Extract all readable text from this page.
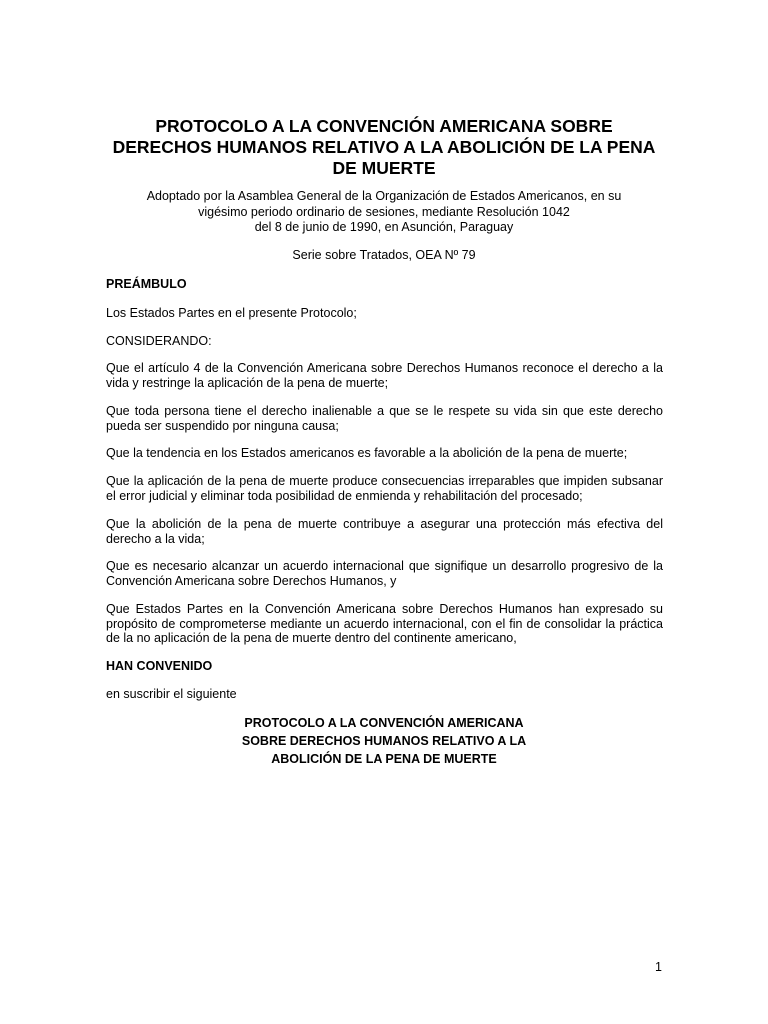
PROTOCOLO A LA CONVENCIÓN AMERICANA SOBRE
DERECHOS HUMANOS RELATIVO A LA ABOLICIÓN DE LA PENA
DE MUERTE

Adoptado por la Asamblea General de la Organización de Estados Americanos, en su
vigésimo periodo ordinario de sesiones, mediante Resolución 1042
del 8 de junio de 1990, en Asunción, Paraguay

Serie sobre Tratados, OEA Nº 79

PREÁMBULO

Los Estados Partes en el presente Protocolo;

CONSIDERANDO:

Que el artículo 4 de la Convención Americana sobre Derechos Humanos reconoce el derecho a la
vida y restringe la aplicación de la pena de muerte;

Que toda persona tiene el derecho inalienable a que se le respete su vida sin que este derecho
pueda ser suspendido por ninguna causa;

Que la tendencia en los Estados americanos es favorable a la abolición de la pena de muerte;

Que la aplicación de la pena de muerte produce consecuencias irreparables que impiden subsanar
el error judicial y eliminar toda posibilidad de enmienda y rehabilitación del procesado;

Que la abolición de la pena de muerte contribuye a asegurar una protección más efectiva del
derecho a la vida;

Que es necesario alcanzar un acuerdo internacional que signifique un desarrollo progresivo de la
Convención Americana sobre Derechos Humanos, y

Que Estados Partes en la Convención Americana sobre Derechos Humanos han expresado su
propósito de comprometerse mediante un acuerdo internacional, con el fin de consolidar la práctica
de la no aplicación de la pena de muerte dentro del continente americano,

HAN CONVENIDO

en suscribir el siguiente

PROTOCOLO A LA CONVENCIÓN AMERICANA
SOBRE DERECHOS HUMANOS RELATIVO A LA
ABOLICIÓN DE LA PENA DE MUERTE
1
